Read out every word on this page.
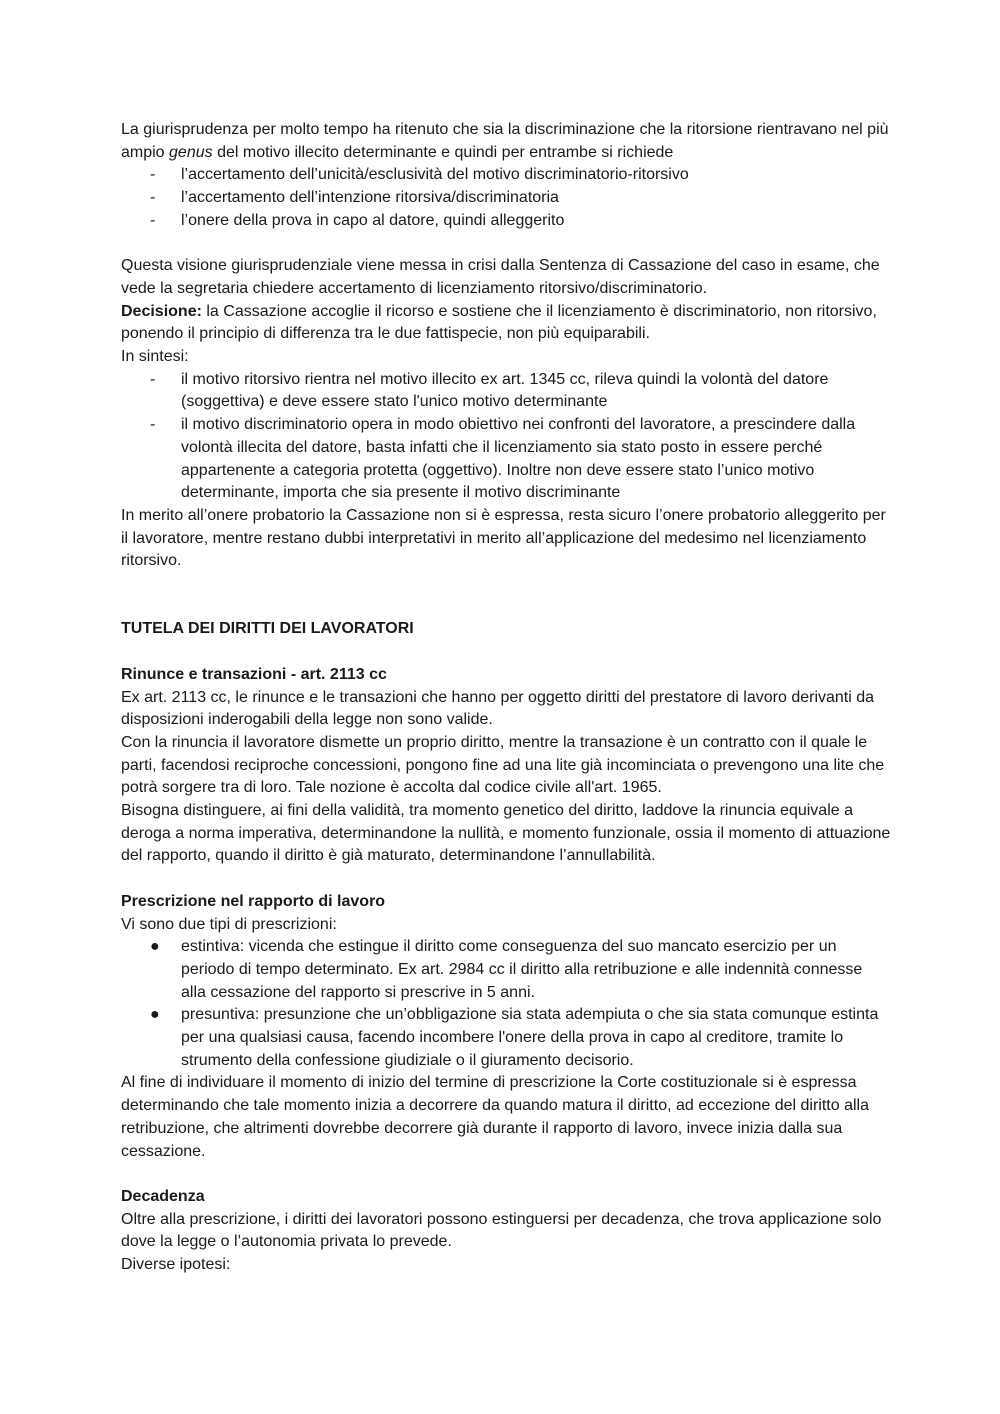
La giurisprudenza per molto tempo ha ritenuto che sia la discriminazione che la ritorsione rientravano nel più ampio genus del motivo illecito determinante e quindi per entrambe si richiede

- l’accertamento dell’unicità/esclusività del motivo discriminatorio-ritorsivo
- l’accertamento dell’intenzione ritorsiva/discriminatoria
- l’onere della prova in capo al datore, quindi alleggerito

Questa visione giurisprudenziale viene messa in crisi dalla Sentenza di Cassazione del caso in esame, che vede la segretaria chiedere accertamento di licenziamento ritorsivo/discriminatorio.

Decisione: la Cassazione accoglie il ricorso e sostiene che il licenziamento è discriminatorio, non ritorsivo, ponendo il principio di differenza tra le due fattispecie, non più equiparabili.

In sintesi:

- il motivo ritorsivo rientra nel motivo illecito ex art. 1345 cc, rileva quindi la volontà del datore (soggettiva) e deve essere stato l'unico motivo determinante
- il motivo discriminatorio opera in modo obiettivo nei confronti del lavoratore, a prescindere dalla volontà illecita del datore, basta infatti che il licenziamento sia stato posto in essere perché appartenente a categoria protetta (oggettivo). Inoltre non deve essere stato l’unico motivo determinante, importa che sia presente il motivo discriminante

In merito all’onere probatorio la Cassazione non si è espressa, resta sicuro l’onere probatorio alleggerito per il lavoratore, mentre restano dubbi interpretativi in merito all’applicazione del medesimo nel licenziamento ritorsivo.

TUTELA DEI DIRITTI DEI LAVORATORI

Rinunce e transazioni - art. 2113 cc

Ex art. 2113 cc, le rinunce e le transazioni che hanno per oggetto diritti del prestatore di lavoro derivanti da disposizioni inderogabili della legge non sono valide.

Con la rinuncia il lavoratore dismette un proprio diritto, mentre la transazione è un contratto con il quale le parti, facendosi reciproche concessioni, pongono fine ad una lite già incominciata o prevengono una lite che potrà sorgere tra di loro. Tale nozione è accolta dal codice civile all'art. 1965.

Bisogna distinguere, ai fini della validità, tra momento genetico del diritto, laddove la rinuncia equivale a deroga a norma imperativa, determinandone la nullità, e momento funzionale, ossia il momento di attuazione del rapporto, quando il diritto è già maturato, determinandone l’annullabilità.

Prescrizione nel rapporto di lavoro

Vi sono due tipi di prescrizioni:

● estintiva: vicenda che estingue il diritto come conseguenza del suo mancato esercizio per un periodo di tempo determinato. Ex art. 2984 cc il diritto alla retribuzione e alle indennità connesse alla cessazione del rapporto si prescrive in 5 anni.
● presuntiva: presunzione che un’obbligazione sia stata adempiuta o che sia stata comunque estinta per una qualsiasi causa, facendo incombere l'onere della prova in capo al creditore, tramite lo strumento della confessione giudiziale o il giuramento decisorio.

Al fine di individuare il momento di inizio del termine di prescrizione la Corte costituzionale si è espressa determinando che tale momento inizia a decorrere da quando matura il diritto, ad eccezione del diritto alla retribuzione, che altrimenti dovrebbe decorrere già durante il rapporto di lavoro, invece inizia dalla sua cessazione.

Decadenza

Oltre alla prescrizione, i diritti dei lavoratori possono estinguersi per decadenza, che trova applicazione solo dove la legge o l’autonomia privata lo prevede.

Diverse ipotesi:
